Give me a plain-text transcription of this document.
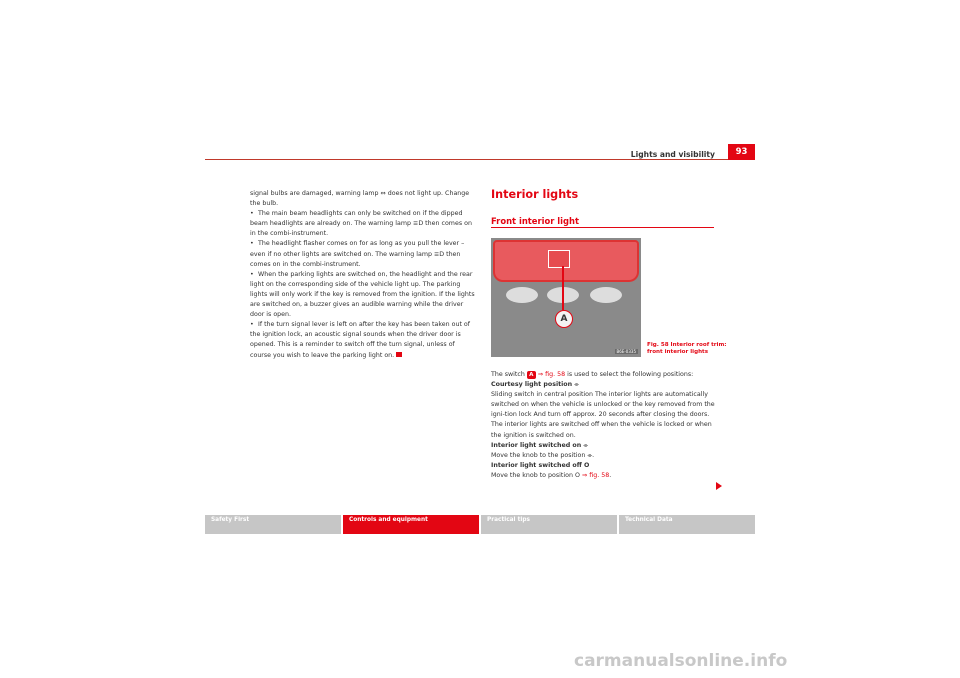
Lights and visibility	93

signal bulbs are damaged, warning lamp ⇔ does not light up. Change the bulb.

• The main beam headlights can only be switched on if the dipped beam headlights are already on. The warning lamp ≡D then comes on in the combi-instrument.

• The headlight flasher comes on for as long as you pull the lever – even if no other lights are switched on. The warning lamp ≡D then comes on in the combi-instrument.

• When the parking lights are switched on, the headlight and the rear light on the corresponding side of the vehicle light up. The parking lights will only work if the key is removed from the ignition. If the lights are switched on, a buzzer gives an audible warning while the driver door is open.

• If the turn signal lever is left on after the key has been taken out of the ignition lock, an acoustic signal sounds when the driver door is opened. This is a reminder to switch off the turn signal, unless of course you wish to leave the parking light on.

Interior lights
Front interior light
A
B6E-0335
Fig. 58 Interior roof trim:
front interior lights

The switch A ⇒ fig. 58 is used to select the following positions:

Courtesy light position ⌯

Sliding switch in central position The interior lights are automatically switched on when the vehicle is unlocked or the key removed from the igni-tion lock And turn off approx. 20 seconds after closing the doors. The interior lights are switched off when the vehicle is locked or when the ignition is switched on.

Interior light switched on ⌯

Move the knob to the position ⌯.

Interior light switched off O

Move the knob to position O ⇒ fig. 58.

Safety First	Controls and equipment	Practical tips	Technical Data
carmanualsonline.info
